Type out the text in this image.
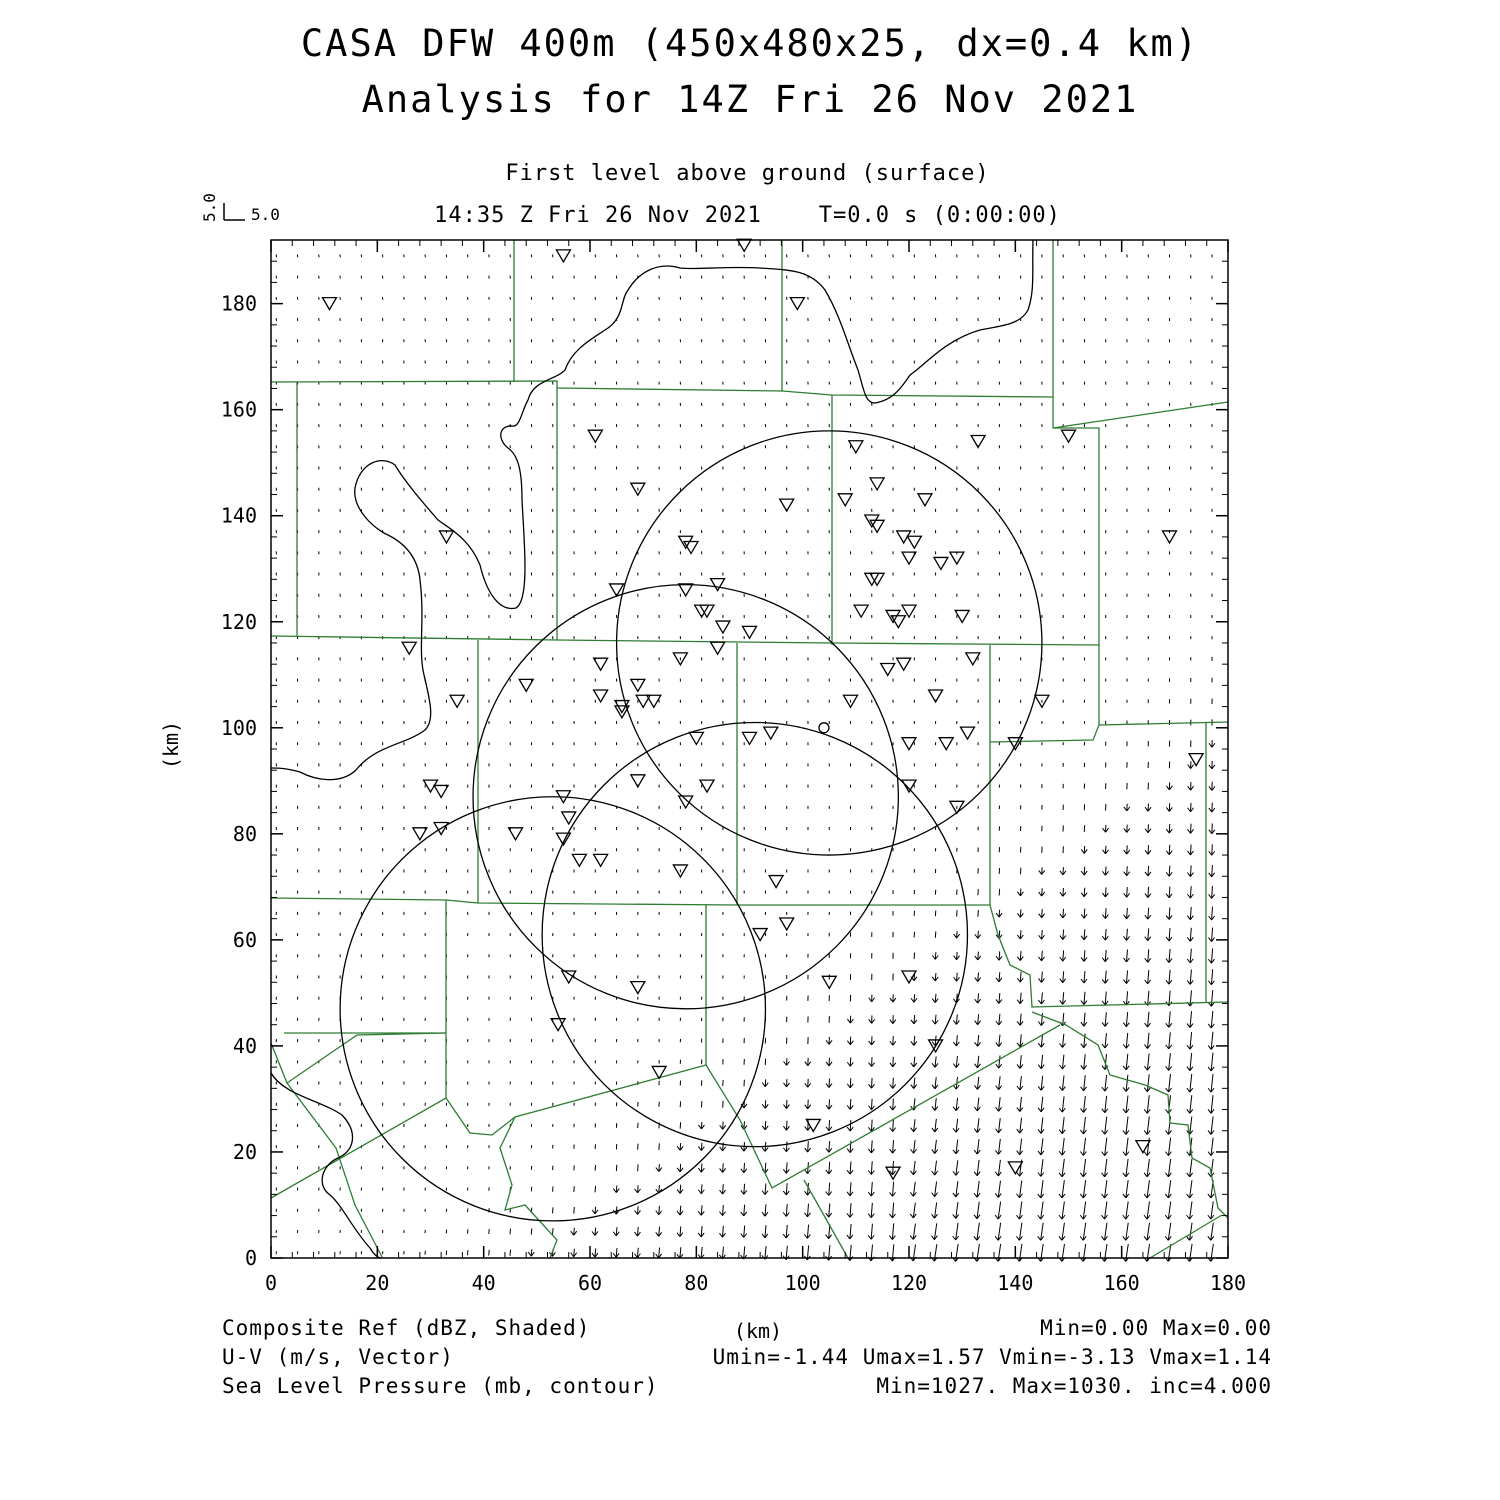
CASA DFW 400m (450x480x25, dx=0.4 km)
Analysis for 14Z Fri 26 Nov 2021
First level above ground (surface)
14:35 Z Fri 26 Nov 2021    T=0.0 s (0:00:00)
5.0 5.0
0	20	40	60	80	100	120	140	160	180
0
20
40
60
80
100
120
140
160
180
(km)
(km)
Composite Ref (dBZ, Shaded)	Min=0.00 Max=0.00
U-V (m/s, Vector)	Umin=-1.44 Umax=1.57 Vmin=-3.13 Vmax=1.14
Sea Level Pressure (mb, contour)	Min=1027. Max=1030. inc=4.000
